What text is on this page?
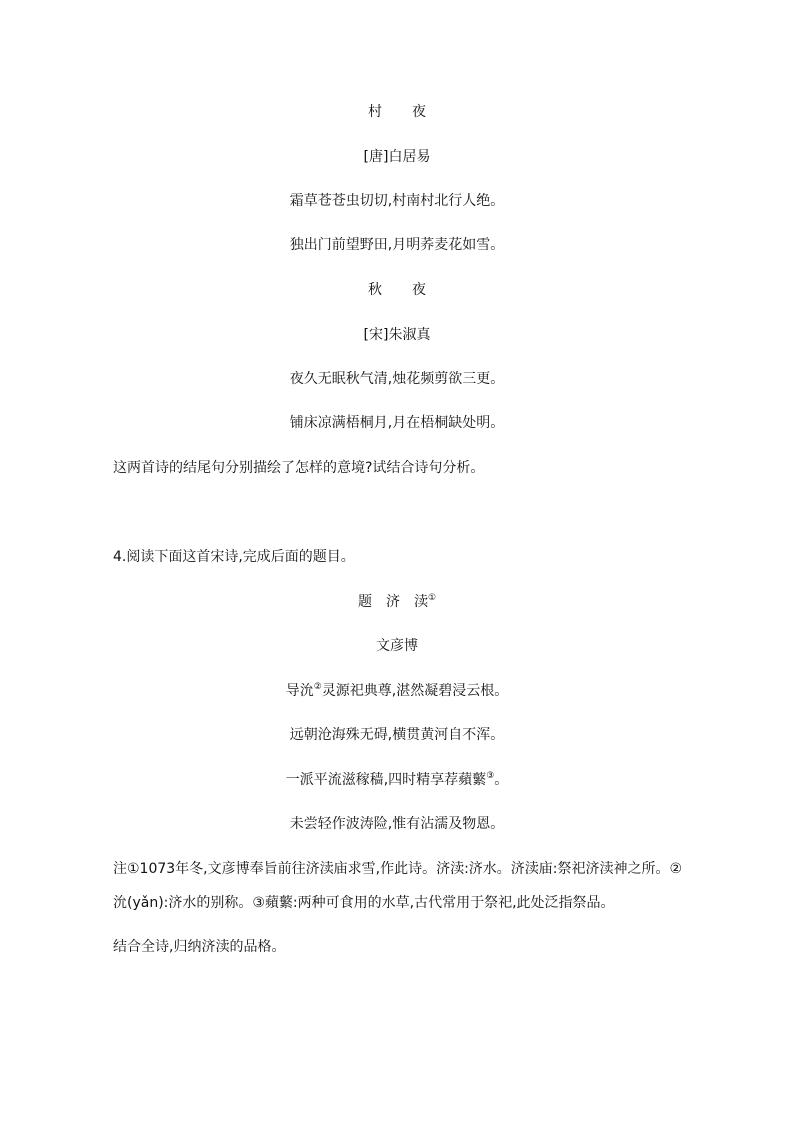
村 夜
[唐]白居易
霜草苍苍虫切切,村南村北行人绝。
独出门前望野田,月明荞麦花如雪。
秋 夜
[宋]朱淑真
夜久无眠秋气清,烛花频剪欲三更。
铺床凉满梧桐月,月在梧桐缺处明。
这两首诗的结尾句分别描绘了怎样的意境?试结合诗句分析。
4.阅读下面这首宋诗,完成后面的题目。
题 济 渎①
文彦博
导沇②灵源祀典尊,湛然凝碧浸云根。
远朝沧海殊无碍,横贯黄河自不浑。
一派平流滋稼穑,四时精享荐蘋蘩③。
未尝轻作波涛险,惟有沾濡及物恩。
注①1073年冬,文彦博奉旨前往济渎庙求雪,作此诗。济渎:济水。济渎庙:祭祀济渎神之所。②沇(yǎn):济水的别称。③蘋蘩:两种可食用的水草,古代常用于祭祀,此处泛指祭品。
结合全诗,归纳济渎的品格。
